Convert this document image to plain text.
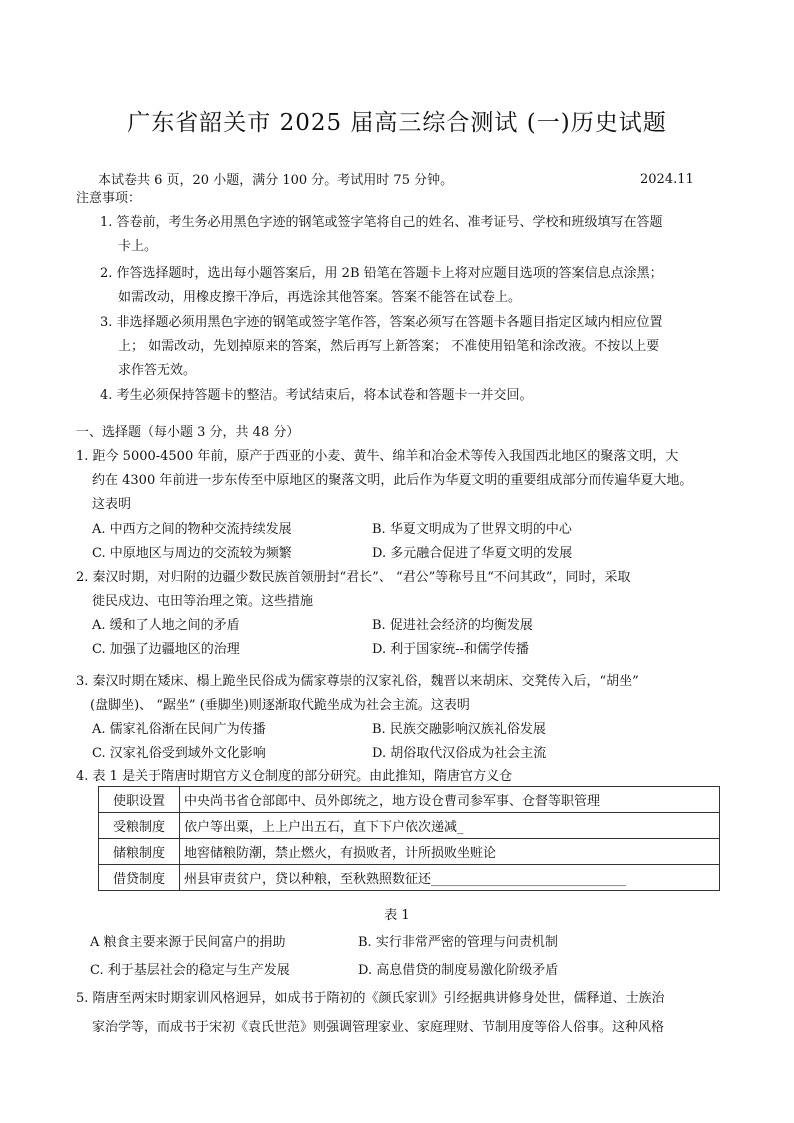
广东省韶关市 2025 届高三综合测试 (一)历史试题
本试卷共 6 页，20 小题，满分 100 分。考试用时 75 分钟。	2024.11
注意事项：
1. 答卷前，考生务必用黑色字迹的钢笔或签字笔将自己的姓名、准考证号、学校和班级填写在答题
卡上。
2. 作答选择题时，选出每小题答案后，用 2B 铅笔在答题卡上将对应题目选项的答案信息点涂黑；
如需改动，用橡皮擦干净后，再选涂其他答案。答案不能答在试卷上。
3. 非选择题必须用黑色字迹的钢笔或签字笔作答，答案必须写在答题卡各题目指定区域内相应位置
上； 如需改动，先划掉原来的答案，然后再写上新答案； 不准使用铅笔和涂改液。不按以上要
求作答无效。
4. 考生必须保持答题卡的整洁。考试结束后，将本试卷和答题卡一并交回。
一、选择题（每小题 3 分，共 48 分）
1. 距今 5000-4500 年前，原产于西亚的小麦、黄牛、绵羊和冶金术等传入我国西北地区的聚落文明，大
约在 4300 年前进一步东传至中原地区的聚落文明，此后作为华夏文明的重要组成部分而传遍华夏大地。
这表明
A. 中西方之间的物种交流持续发展	B. 华夏文明成为了世界文明的中心
C. 中原地区与周边的交流较为频繁	D. 多元融合促进了华夏文明的发展
2. 秦汉时期，对归附的边疆少数民族首领册封“君长”、 “君公”等称号且“不问其政”，同时，采取
徙民戍边、屯田等治理之策。这些措施
A. 缓和了人地之间的矛盾	B. 促进社会经济的均衡发展
C. 加强了边疆地区的治理	D. 利于国家统--和儒学传播
3. 秦汉时期在矮床、榻上跪坐民俗成为儒家尊崇的汉家礼俗，魏晋以来胡床、交凳传入后，“胡坐”
(盘脚坐)、 “踞坐” (垂脚坐)则逐渐取代跪坐成为社会主流。这表明
A. 儒家礼俗渐在民间广为传播	B. 民族交融影响汉族礼俗发展
C. 汉家礼俗受到域外文化影响	D. 胡俗取代汉俗成为社会主流
4. 表 1 是关于隋唐时期官方义仓制度的部分研究。由此推知，隋唐官方义仓
使职设置	中央尚书省仓部郎中、员外郎统之，地方设仓曹司参军事、仓督等职管理
受粮制度	依户等出粟，上上户出五石，直下下户依次递减_
储粮制度	地窖储粮防潮，禁止燃火，有损败者，计所损败坐赃论
借贷制度	州县审责贫户，贷以种粮，至秋熟照数征还______________________________
表 1
A 粮食主要来源于民间富户的捐助	B. 实行非常严密的管理与问责机制
C. 利于基层社会的稳定与生产发展	D. 高息借贷的制度易激化阶级矛盾
5. 隋唐至两宋时期家训风格迥异，如成书于隋初的《颜氏家训》引经据典讲修身处世，儒释道、士族治
家治学等，而成书于宋初《袁氏世范》则强调管理家业、家庭理财、节制用度等俗人俗事。这种风格
